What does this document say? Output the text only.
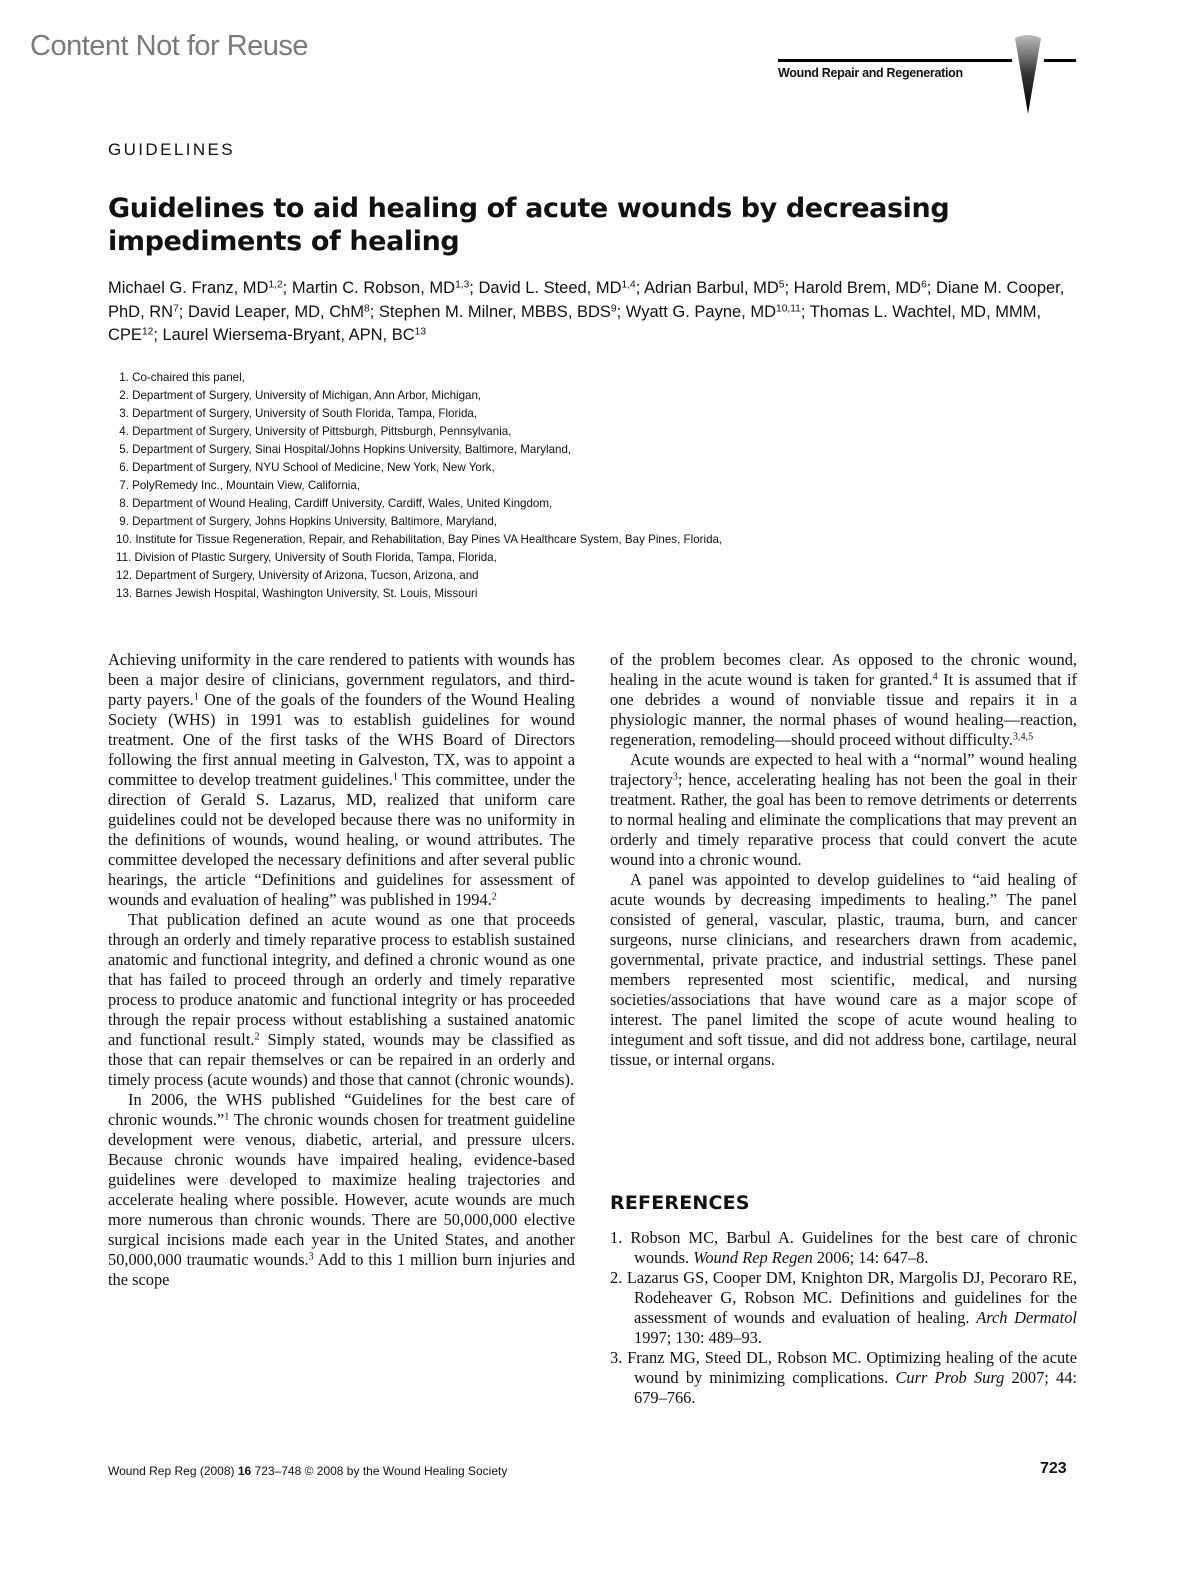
Content Not for Reuse
Wound Repair and Regeneration
GUIDELINES
Guidelines to aid healing of acute wounds by decreasing impediments of healing
Michael G. Franz, MD$^{1,2}$; Martin C. Robson, MD$^{1,3}$; David L. Steed, MD$^{1,4}$; Adrian Barbul, $MD^5$; Harold Brem, $MD^6$; Diane M. Cooper, PhD, $RN^7$; David Leaper, MD, ChM$^8$; Stephen M. Milner, MBBS, BDS$^9$; Wyatt G. Payne, MD$^{10,11}$; Thomas L. Wachtel, MD, MMM, CPE$^{12}$; Laurel Wiersema-Bryant, APN, BC$^{13}$
1. Co-chaired this panel,
2. Department of Surgery, University of Michigan, Ann Arbor, Michigan,
3. Department of Surgery, University of South Florida, Tampa, Florida,
4. Department of Surgery, University of Pittsburgh, Pittsburgh, Pennsylvania,
5. Department of Surgery, Sinai Hospital/Johns Hopkins University, Baltimore, Maryland,
6. Department of Surgery, NYU School of Medicine, New York, New York,
7. PolyRemedy Inc., Mountain View, California,
8. Department of Wound Healing, Cardiff University, Cardiff, Wales, United Kingdom,
9. Department of Surgery, Johns Hopkins University, Baltimore, Maryland,
10. Institute for Tissue Regeneration, Repair, and Rehabilitation, Bay Pines VA Healthcare System, Bay Pines, Florida,
11. Division of Plastic Surgery, University of South Florida, Tampa, Florida,
12. Department of Surgery, University of Arizona, Tucson, Arizona, and
13. Barnes Jewish Hospital, Washington University, St. Louis, Missouri

Achieving uniformity in the care rendered to patients with wounds has been a major desire of clinicians, government regulators, and third-party payers.$^1$ One of the goals of the founders of the Wound Healing Society (WHS) in 1991 was to establish guidelines for wound treatment. One of the first tasks of the WHS Board of Directors following the first annual meeting in Galveston, TX, was to appoint a committee to develop treatment guidelines.$^1$ This committee, under the direction of Gerald S. Lazarus, MD, realized that uniform care guidelines could not be developed because there was no uniformity in the definitions of wounds, wound healing, or wound attributes. The committee developed the necessary definitions and after several public hearings, the article “Definitions and guidelines for assessment of wounds and evaluation of healing” was published in 1994.$^2$

That publication defined an acute wound as one that proceeds through an orderly and timely reparative process to establish sustained anatomic and functional integrity, and defined a chronic wound as one that has failed to proceed through an orderly and timely reparative process to produce anatomic and functional integrity or has proceeded through the repair process without establishing a sustained anatomic and functional result.$^2$ Simply stated, wounds may be classified as those that can repair themselves or can be repaired in an orderly and timely process (acute wounds) and those that cannot (chronic wounds).

In 2006, the WHS published “Guidelines for the best care of chronic wounds.”$^1$ The chronic wounds chosen for treatment guideline development were venous, diabetic, arterial, and pressure ulcers. Because chronic wounds have impaired healing, evidence-based guidelines were developed to maximize healing trajectories and accelerate healing where possible. However, acute wounds are much more numerous than chronic wounds. There are 50,000,000 elective surgical incisions made each year in the United States, and another 50,000,000 traumatic wounds.$^3$ Add to this 1 million burn injuries and the scope

of the problem becomes clear. As opposed to the chronic wound, healing in the acute wound is taken for granted.$^4$ It is assumed that if one debrides a wound of nonviable tissue and repairs it in a physiologic manner, the normal phases of wound healing—reaction, regeneration, remodeling—should proceed without difficulty.$^{3,4,5}$

Acute wounds are expected to heal with a “normal” wound healing trajectory$^3$; hence, accelerating healing has not been the goal in their treatment. Rather, the goal has been to remove detriments or deterrents to normal healing and eliminate the complications that may prevent an orderly and timely reparative process that could convert the acute wound into a chronic wound.

A panel was appointed to develop guidelines to “aid healing of acute wounds by decreasing impediments to healing.” The panel consisted of general, vascular, plastic, trauma, burn, and cancer surgeons, nurse clinicians, and researchers drawn from academic, governmental, private practice, and industrial settings. These panel members represented most scientific, medical, and nursing societies/associations that have wound care as a major scope of interest. The panel limited the scope of acute wound healing to integument and soft tissue, and did not address bone, cartilage, neural tissue, or internal organs.

REFERENCES
1. Robson MC, Barbul A. Guidelines for the best care of chronic wounds. Wound Rep Regen 2006; 14: 647–8.
2. Lazarus GS, Cooper DM, Knighton DR, Margolis DJ, Pecoraro RE, Rodeheaver G, Robson MC. Definitions and guidelines for the assessment of wounds and evaluation of healing. Arch Dermatol 1997; 130: 489–93.
3. Franz MG, Steed DL, Robson MC. Optimizing healing of the acute wound by minimizing complications. Curr Prob Surg 2007; 44: 679–766.
Wound Rep Reg (2008) 16 723–748 © 2008 by the Wound Healing Society	723
